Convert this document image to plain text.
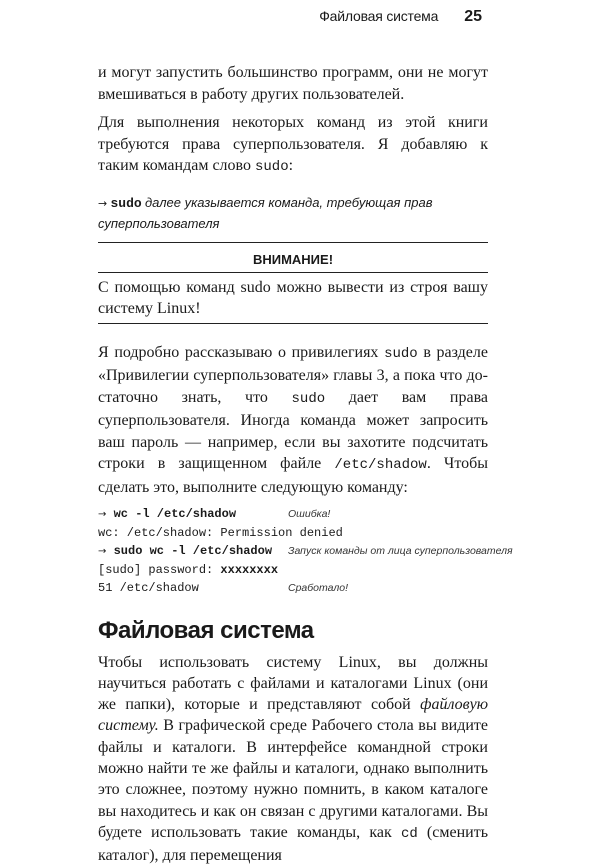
Файловая система 25

и могут запустить большинство программ, они не могут вмешиваться в работу других пользователей.

Для выполнения некоторых команд из этой книги требуются права суперпользователя. Я добавляю к таким командам слово sudo:

→ sudo далее указывается команда, требующая прав суперпользователя
ВНИМАНИЕ!

С помощью команд sudo можно вывести из строя вашу систему Linux!

Я подробно рассказываю о привилегиях sudo в разделе «Привилегии суперпользователя» главы 3, а пока что достаточно знать, что sudo дает вам права суперпользователя. Иногда команда может запросить ваш пароль — например, если вы захотите подсчитать строки в защищенном файле /etc/shadow. Чтобы сделать это, выполните следующую команду:

→ wc -l /etc/shadow	Ошибка!
wc: /etc/shadow: Permission denied
→ sudo wc -l /etc/shadow Запуск команды от лица суперпользователя
[sudo] password: xxxxxxxx
51 /etc/shadow	Сработало!
Файловая система

Чтобы использовать систему Linux, вы должны научиться работать с файлами и каталогами Linux (они же папки), которые и представляют собой файловую систему. В графической среде Рабочего стола вы видите файлы и каталоги. В интерфейсе командной строки можно найти те же файлы и каталоги, однако выполнить это сложнее, поэтому нужно помнить, в каком каталоге вы находитесь и как он связан с другими каталогами. Вы будете использовать такие команды, как cd (сменить каталог), для перемещения
